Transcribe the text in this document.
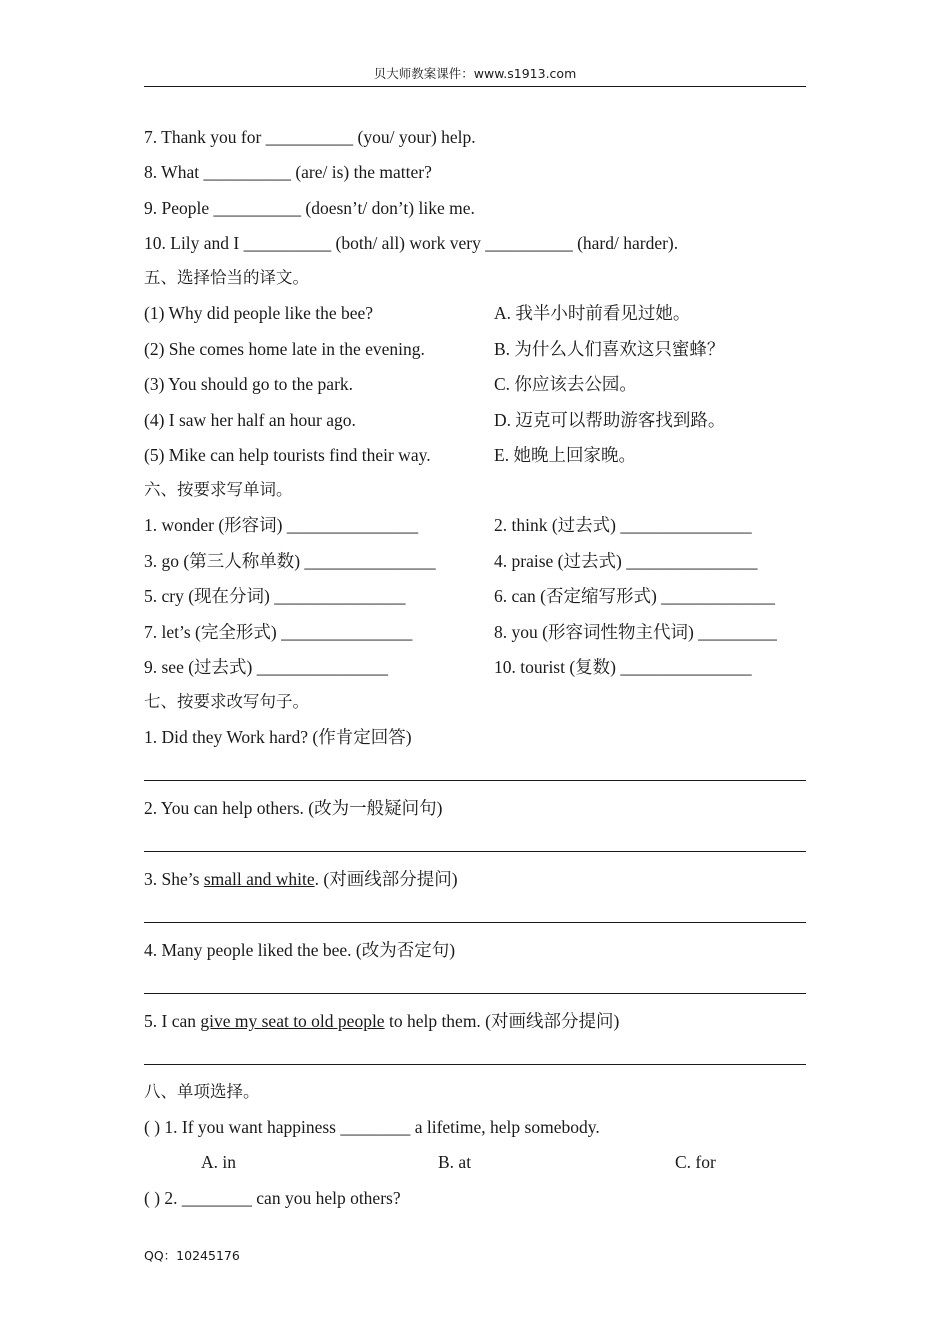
贝大师教案课件：www.s1913.com
7. Thank you for __________ (you/ your) help.
8. What __________ (are/ is) the matter?
9. People __________ (doesn’t/ don’t) like me.
10. Lily and I __________ (both/ all) work very __________ (hard/ harder).
五、选择恰当的译文。
(1) Why did people like the bee?
(2) She comes home late in the evening.
(3) You should go to the park.
(4) I saw her half an hour ago.
(5) Mike can help tourists find their way.
A. 我半小时前看见过她。
B. 为什么人们喜欢这只蜜蜂？
C. 你应该去公园。
D. 迈克可以帮助游客找到路。
E. 她晚上回家晚。
六、按要求写单词。
1. wonder (形容词) _______________
3. go (第三人称单数) _______________
5. cry (现在分词) _______________
7. let’s (完全形式) _______________
9. see (过去式) _______________
2. think (过去式) _______________
4. praise (过去式) _______________
6. can (否定缩写形式) _____________
8. you (形容词性物主代词) _________
10. tourist (复数) _______________
七、按要求改写句子。
1. Did they Work hard? (作肯定回答)
2. You can help others. (改为一般疑问句)
3. She’s small and white. (对画线部分提问)
4. Many people liked the bee. (改为否定句)
5. I can give my seat to old people to help them. (对画线部分提问)
八、单项选择。
( ) 1. If you want happiness ________ a lifetime, help somebody.
A. in	B. at	C. for
( ) 2. ________ can you help others?
QQ：10245176
